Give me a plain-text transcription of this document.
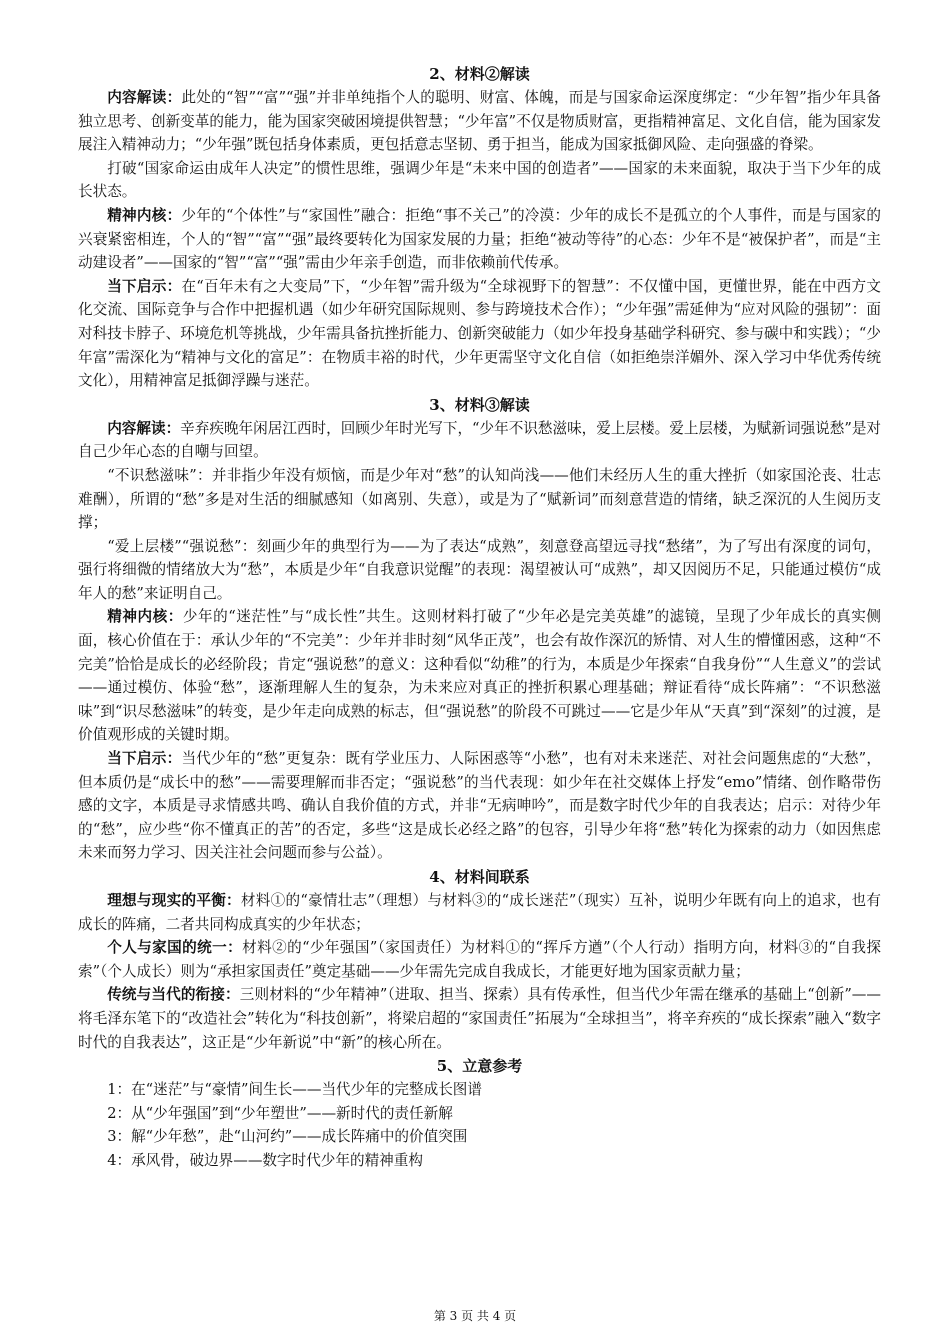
2、材料②解读

内容解读：此处的“智”“富”“强”并非单纯指个人的聪明、财富、体魄，而是与国家命运深度绑定：“少年智”指少年具备独立思考、创新变革的能力，能为国家突破困境提供智慧；“少年富”不仅是物质财富，更指精神富足、文化自信，能为国家发展注入精神动力；“少年强”既包括身体素质，更包括意志坚韧、勇于担当，能成为国家抵御风险、走向强盛的脊梁。

打破“国家命运由成年人决定”的惯性思维，强调少年是“未来中国的创造者”——国家的未来面貌，取决于当下少年的成长状态。

精神内核：少年的“个体性”与“家国性”融合：拒绝“事不关己”的冷漠：少年的成长不是孤立的个人事件，而是与国家的兴衰紧密相连，个人的“智”“富”“强”最终要转化为国家发展的力量；拒绝“被动等待”的心态：少年不是“被保护者”，而是“主动建设者”——国家的“智”“富”“强”需由少年亲手创造，而非依赖前代传承。

当下启示：在“百年未有之大变局”下，“少年智”需升级为“全球视野下的智慧”：不仅懂中国，更懂世界，能在中西方文化交流、国际竞争与合作中把握机遇（如少年研究国际规则、参与跨境技术合作）；“少年强”需延伸为“应对风险的强韧”：面对科技卡脖子、环境危机等挑战，少年需具备抗挫折能力、创新突破能力（如少年投身基础学科研究、参与碳中和实践）；“少年富”需深化为“精神与文化的富足”：在物质丰裕的时代，少年更需坚守文化自信（如拒绝崇洋媚外、深入学习中华优秀传统文化），用精神富足抵御浮躁与迷茫。

3、材料③解读

内容解读：辛弃疾晚年闲居江西时，回顾少年时光写下，“少年不识愁滋味，爱上层楼。爱上层楼，为赋新词强说愁”是对自己少年心态的自嘲与回望。

“不识愁滋味”：并非指少年没有烦恼，而是少年对“愁”的认知尚浅——他们未经历人生的重大挫折（如家国沦丧、壮志难酬），所谓的“愁”多是对生活的细腻感知（如离别、失意），或是为了“赋新词”而刻意营造的情绪，缺乏深沉的人生阅历支撑；

“爱上层楼”“强说愁”：刻画少年的典型行为——为了表达“成熟”，刻意登高望远寻找“愁绪”，为了写出有深度的词句，强行将细微的情绪放大为“愁”，本质是少年“自我意识觉醒”的表现：渴望被认可“成熟”，却又因阅历不足，只能通过模仿“成年人的愁”来证明自己。

精神内核：少年的“迷茫性”与“成长性”共生。这则材料打破了“少年必是完美英雄”的滤镜，呈现了少年成长的真实侧面，核心价值在于：承认少年的“不完美”：少年并非时刻“风华正茂”，也会有故作深沉的矫情、对人生的懵懂困惑，这种“不完美”恰恰是成长的必经阶段；肯定“强说愁”的意义：这种看似“幼稚”的行为，本质是少年探索“自我身份”“人生意义”的尝试——通过模仿、体验“愁”，逐渐理解人生的复杂，为未来应对真正的挫折积累心理基础；辩证看待“成长阵痛”：“不识愁滋味”到“识尽愁滋味”的转变，是少年走向成熟的标志，但“强说愁”的阶段不可跳过——它是少年从“天真”到“深刻”的过渡，是价值观形成的关键时期。

当下启示：当代少年的“愁”更复杂：既有学业压力、人际困惑等“小愁”，也有对未来迷茫、对社会问题焦虑的“大愁”，但本质仍是“成长中的愁”——需要理解而非否定；“强说愁”的当代表现：如少年在社交媒体上抒发“emo”情绪、创作略带伤感的文字，本质是寻求情感共鸣、确认自我价值的方式，并非“无病呻吟”，而是数字时代少年的自我表达；启示：对待少年的“愁”，应少些“你不懂真正的苦”的否定，多些“这是成长必经之路”的包容，引导少年将“愁”转化为探索的动力（如因焦虑未来而努力学习、因关注社会问题而参与公益）。

4、材料间联系

理想与现实的平衡：材料①的“豪情壮志”（理想）与材料③的“成长迷茫”（现实）互补，说明少年既有向上的追求，也有成长的阵痛，二者共同构成真实的少年状态；

个人与家国的统一：材料②的“少年强国”（家国责任）为材料①的“挥斥方遒”（个人行动）指明方向，材料③的“自我探索”（个人成长）则为“承担家国责任”奠定基础——少年需先完成自我成长，才能更好地为国家贡献力量；

传统与当代的衔接：三则材料的“少年精神”（进取、担当、探索）具有传承性，但当代少年需在继承的基础上“创新”——将毛泽东笔下的“改造社会”转化为“科技创新”，将梁启超的“家国责任”拓展为“全球担当”，将辛弃疾的“成长探索”融入“数字时代的自我表达”，这正是“少年新说”中“新”的核心所在。

5、立意参考
1：在“迷茫”与“豪情”间生长——当代少年的完整成长图谱
2：从“少年强国”到“少年塑世”——新时代的责任新解
3：解“少年愁”，赴“山河约”——成长阵痛中的价值突围
4：承风骨，破边界——数字时代少年的精神重构
第 3 页 共 4 页
